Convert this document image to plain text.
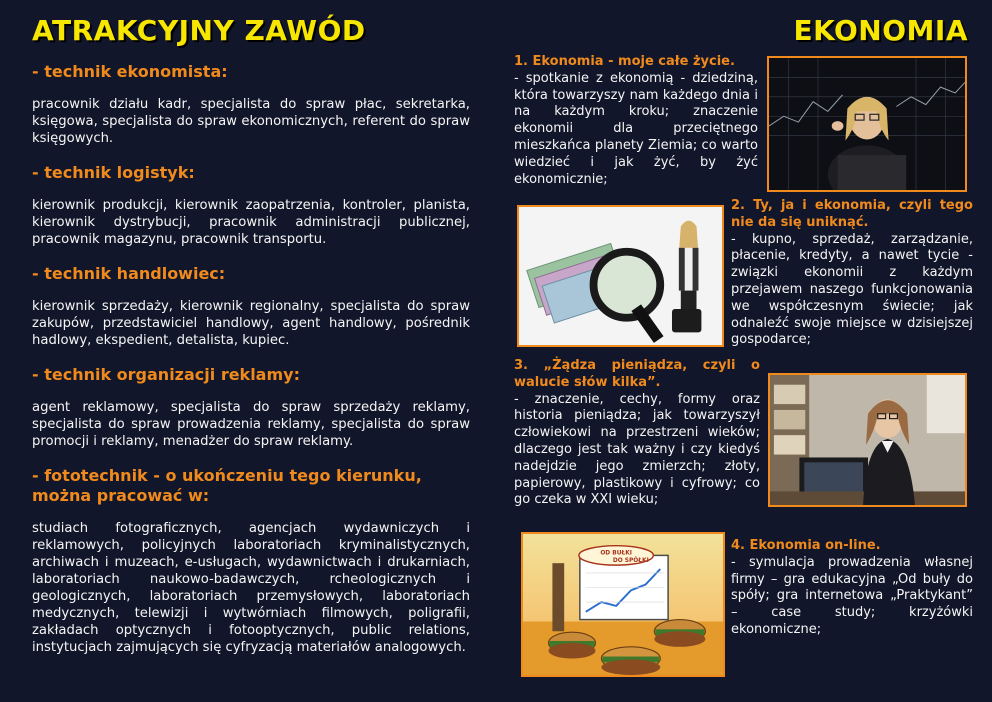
ATRAKCYJNY ZAWÓD	EKONOMIA

- technik ekonomista:

pracownik działu kadr, specjalista do spraw płac, sekretarka, księgowa, specjalista do spraw ekonomicznych, referent do spraw księgowych.

- technik logistyk:

kierownik produkcji, kierownik zaopatrzenia, kontroler, planista, kierownik dystrybucji, pracownik administracji publicznej, pracownik magazynu, pracownik transportu.

- technik handlowiec:

kierownik sprzedaży, kierownik regionalny, specjalista do spraw zakupów, przedstawiciel handlowy, agent handlowy, pośrednik hadlowy, ekspedient, detalista, kupiec.

- technik organizacji reklamy:

agent reklamowy, specjalista do spraw sprzedaży reklamy, specjalista do spraw prowadzenia reklamy, specjalista do spraw promocji i reklamy, menadżer do spraw reklamy.

- fototechnik - o ukończeniu tego kierunku, można pracować w:

studiach fotograficznych, agencjach wydawniczych i reklamowych, policyjnych laboratoriach kryminalistycznych, archiwach i muzeach, e-usługach, wydawnictwach i drukarniach, laboratoriach naukowo-badawczych, rcheologicznych i geologicznych, laboratoriach przemysłowych, laboratoriach medycznych, telewizji i wytwórniach filmowych, poligrafii, zakładach optycznych i fotooptycznych, public relations, instytucjach zajmujących się cyfryzacją materiałów analogowych.

1. Ekonomia - moje całe życie.
- spotkanie z ekonomią - dziedziną, która towarzyszy nam każdego dnia i na każdym kroku; znaczenie ekonomii dla przeciętnego mieszkańca planety Ziemia; co warto wiedzieć i jak żyć, by żyć ekonomicznie;
2. Ty, ja i ekonomia, czyli tego nie da się uniknąć.
- kupno, sprzedaż, zarządzanie, płacenie, kredyty, a nawet tycie - związki ekonomii z każdym przejawem naszego funkcjonowania we współczesnym świecie; jak odnaleźć swoje miejsce w dzisiejszej gospodarce;
3. „Żądza pieniądza, czyli o walucie słów kilka”.
- znaczenie, cechy, formy oraz historia pieniądza; jak towarzyszył człowiekowi na przestrzeni wieków; dlaczego jest tak ważny i czy kiedyś nadejdzie jego zmierzch; złoty, papierowy, plastikowy i cyfrowy; co go czeka w XXI wieku;
4. Ekonomia on-line.
- symulacja prowadzenia własnej firmy – gra edukacyjna „Od buły do spóły; gra internetowa „Praktykant” – case study; krzyżówki ekonomiczne;
OD BUŁKI
DO SPÓŁKI
